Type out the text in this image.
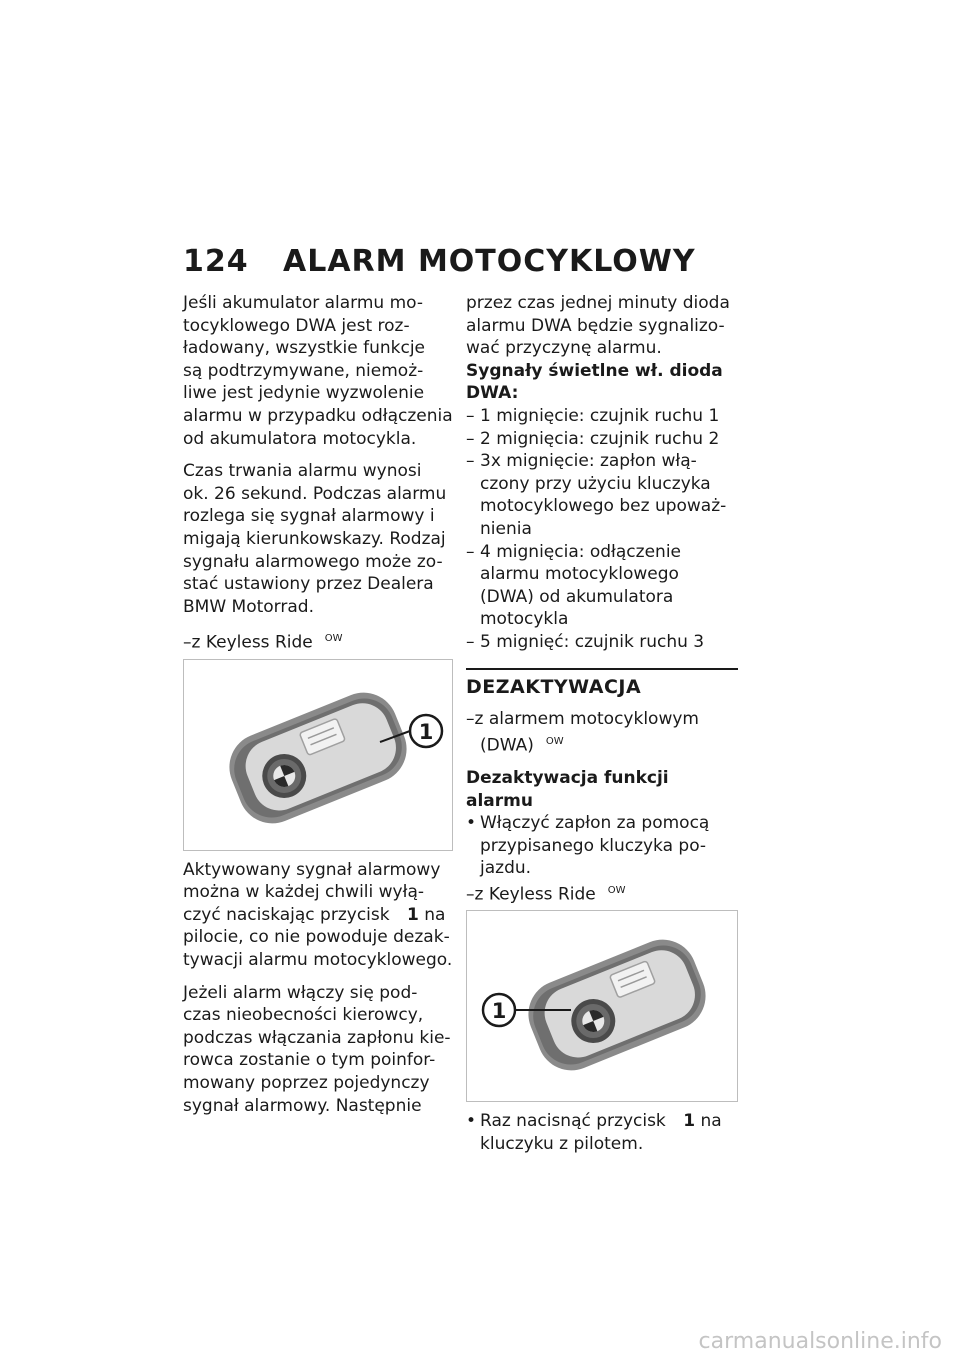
124 ALARM MOTOCYKLOWY

Jeśli akumulator alarmu mo-
tocyklowego DWA jest roz-
ładowany, wszystkie funkcje
są podtrzymywane, niemoż-
liwe jest jedynie wyzwolenie
alarmu w przypadku odłączenia
od akumulatora motocykla.

Czas trwania alarmu wynosi
ok. 26 sekund. Podczas alarmu
rozlega się sygnał alarmowy i
migają kierunkowskazy. Rodzaj
sygnału alarmowego może zo-
stać ustawiony przez Dealera
BMW Motorrad.

–z Keyless Ride $^{OW}$
1

Aktywowany sygnał alarmowy
można w każdej chwili wyłą-
czyć naciskając przycisk 1 na
pilocie, co nie powoduje dezak-
tywacji alarmu motocyklowego.

Jeżeli alarm włączy się pod-
czas nieobecności kierowcy,
podczas włączania zapłonu kie-
rowca zostanie o tym poinfor-
mowany poprzez pojedynczy
sygnał alarmowy. Następnie

przez czas jednej minuty dioda
alarmu DWA będzie sygnalizo-
wać przyczynę alarmu.

Sygnały świetlne wł. dioda
DWA:
– 1 mignięcie: czujnik ruchu 1
– 2 mignięcia: czujnik ruchu 2
– 3x mignięcie: zapłon włą-
czony przy użyciu kluczyka
motocyklowego bez upoważ-
nienia
– 4 mignięcia: odłączenie
alarmu motocyklowego
(DWA) od akumulatora
motocykla
– 5 mignięć: czujnik ruchu 3
DEZAKTYWACJA
–z alarmem motocyklowym
(DWA) $^{OW}$
Dezaktywacja funkcji alarmu
• Włączyć zapłon za pomocą
przypisanego kluczyka po-
jazdu.
–z Keyless Ride $^{OW}$
1
• Raz nacisnąć przycisk 1 na
kluczyku z pilotem.
carmanualsonline.info
